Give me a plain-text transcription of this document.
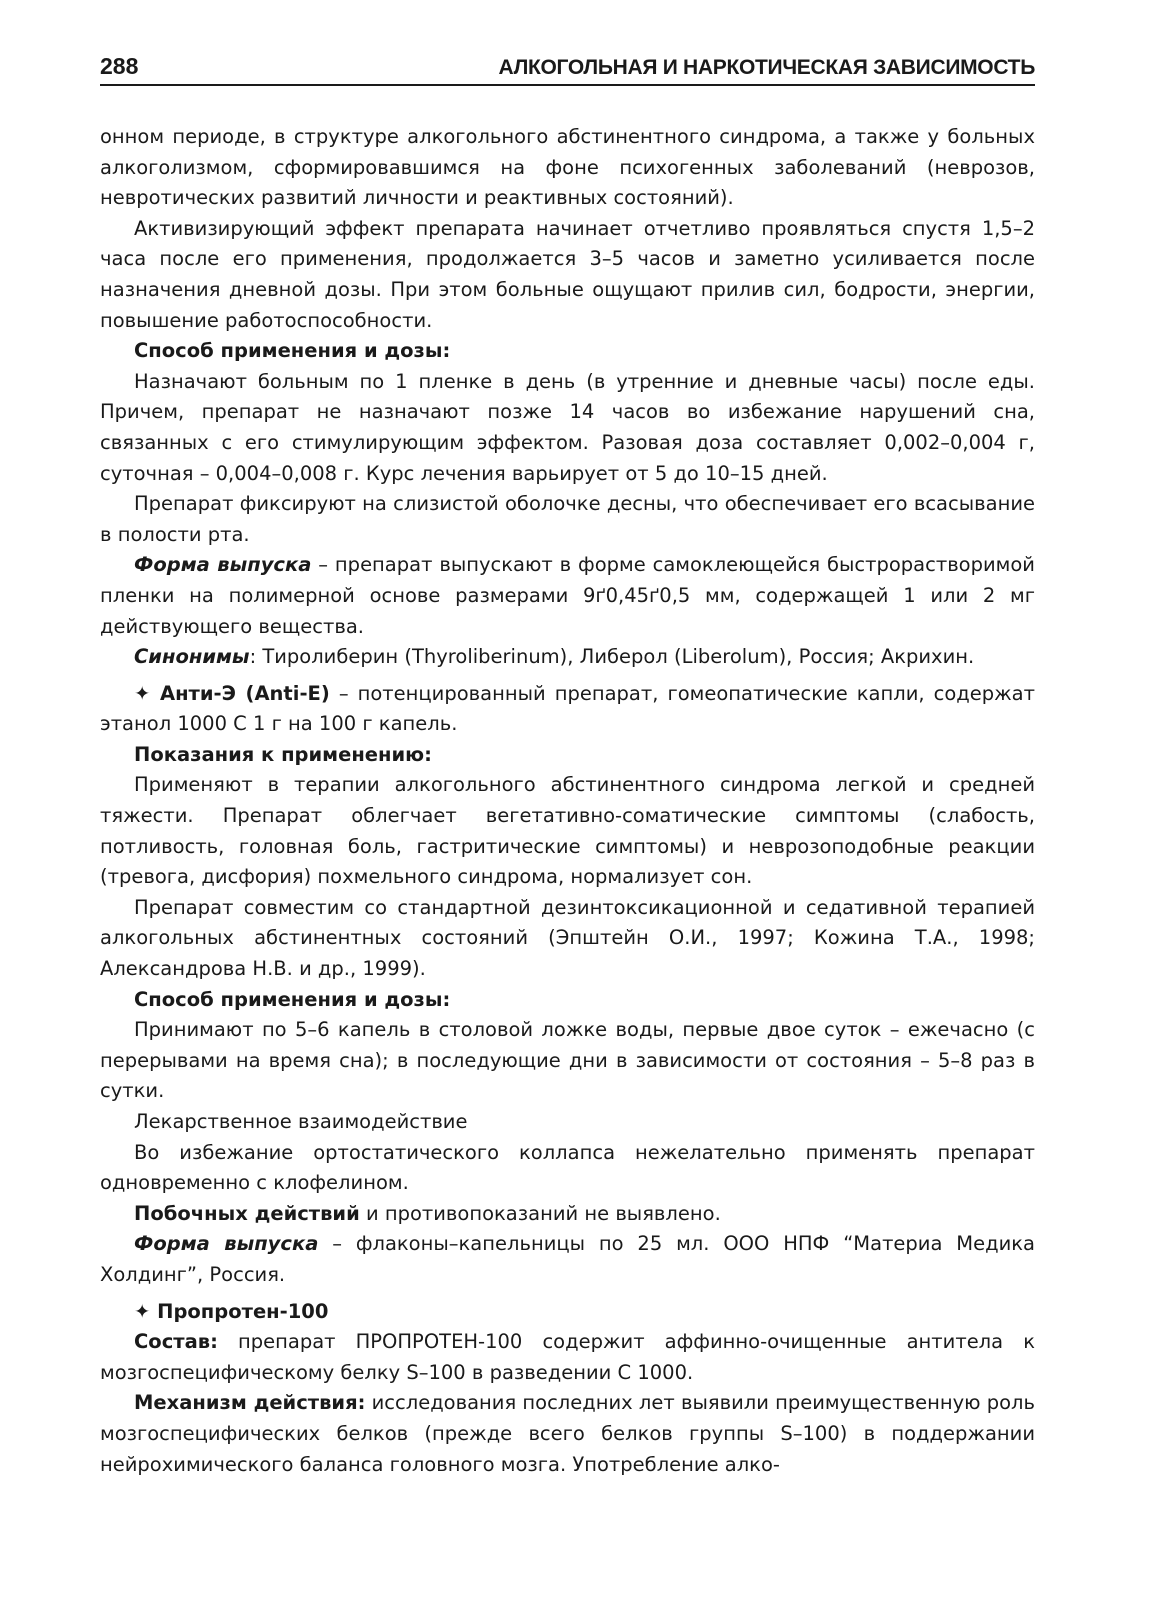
288	АЛКОГОЛЬНАЯ И НАРКОТИЧЕСКАЯ ЗАВИСИМОСТЬ

онном периоде, в структуре алкогольного абстинентного синдрома, а также у больных алкоголизмом, сформировавшимся на фоне психогенных заболеваний (неврозов, невротических развитий личности и реактивных состояний).

Активизирующий эффект препарата начинает отчетливо проявляться спустя 1,5–2 часа после его применения, продолжается 3–5 часов и заметно усиливается после назначения дневной дозы. При этом больные ощущают прилив сил, бодрости, энергии, повышение работоспособности.

Способ применения и дозы:

Назначают больным по 1 пленке в день (в утренние и дневные часы) после еды. Причем, препарат не назначают позже 14 часов во избежание нарушений сна, связанных с его стимулирующим эффектом. Разовая доза составляет 0,002–0,004 г, суточная – 0,004–0,008 г. Курс лечения варьирует от 5 до 10–15 дней.

Препарат фиксируют на слизистой оболочке десны, что обеспечивает его всасывание в полости рта.

Форма выпуска – препарат выпускают в форме самоклеющейся быстрорастворимой пленки на полимерной основе размерами 9ґ0,45ґ0,5 мм, содержащей 1 или 2 мг действующего вещества.

Синонимы: Тиролиберин (Thyroliberinum), Либерол (Liberolum), Россия; Акрихин.

✦ Анти-Э (Anti-E) – потенцированный препарат, гомеопатические капли, содержат этанол 1000 С 1 г на 100 г капель.

Показания к применению:

Применяют в терапии алкогольного абстинентного синдрома легкой и средней тяжести. Препарат облегчает вегетативно-соматические симптомы (слабость, потливость, головная боль, гастритические симптомы) и неврозоподобные реакции (тревога, дисфория) похмельного синдрома, нормализует сон.

Препарат совместим со стандартной дезинтоксикационной и седативной терапией алкогольных абстинентных состояний (Эпштейн О.И., 1997; Кожина Т.А., 1998; Александрова Н.В. и др., 1999).

Способ применения и дозы:

Принимают по 5–6 капель в столовой ложке воды, первые двое суток – ежечасно (с перерывами на время сна); в последующие дни в зависимости от состояния – 5–8 раз в сутки.

Лекарственное взаимодействие

Во избежание ортостатического коллапса нежелательно применять препарат одновременно с клофелином.

Побочных действий и противопоказаний не выявлено.

Форма выпуска – флаконы–капельницы по 25 мл. ООО НПФ “Материа Медика Холдинг”, Россия.

✦ Пропротен-100

Состав: препарат ПРОПРОТЕН-100 содержит аффинно-очищенные антитела к мозгоспецифическому белку S–100 в разведении С 1000.

Механизм действия: исследования последних лет выявили преимущественную роль мозгоспецифических белков (прежде всего белков группы S–100) в поддержании нейрохимического баланса головного мозга. Употребление алко-
